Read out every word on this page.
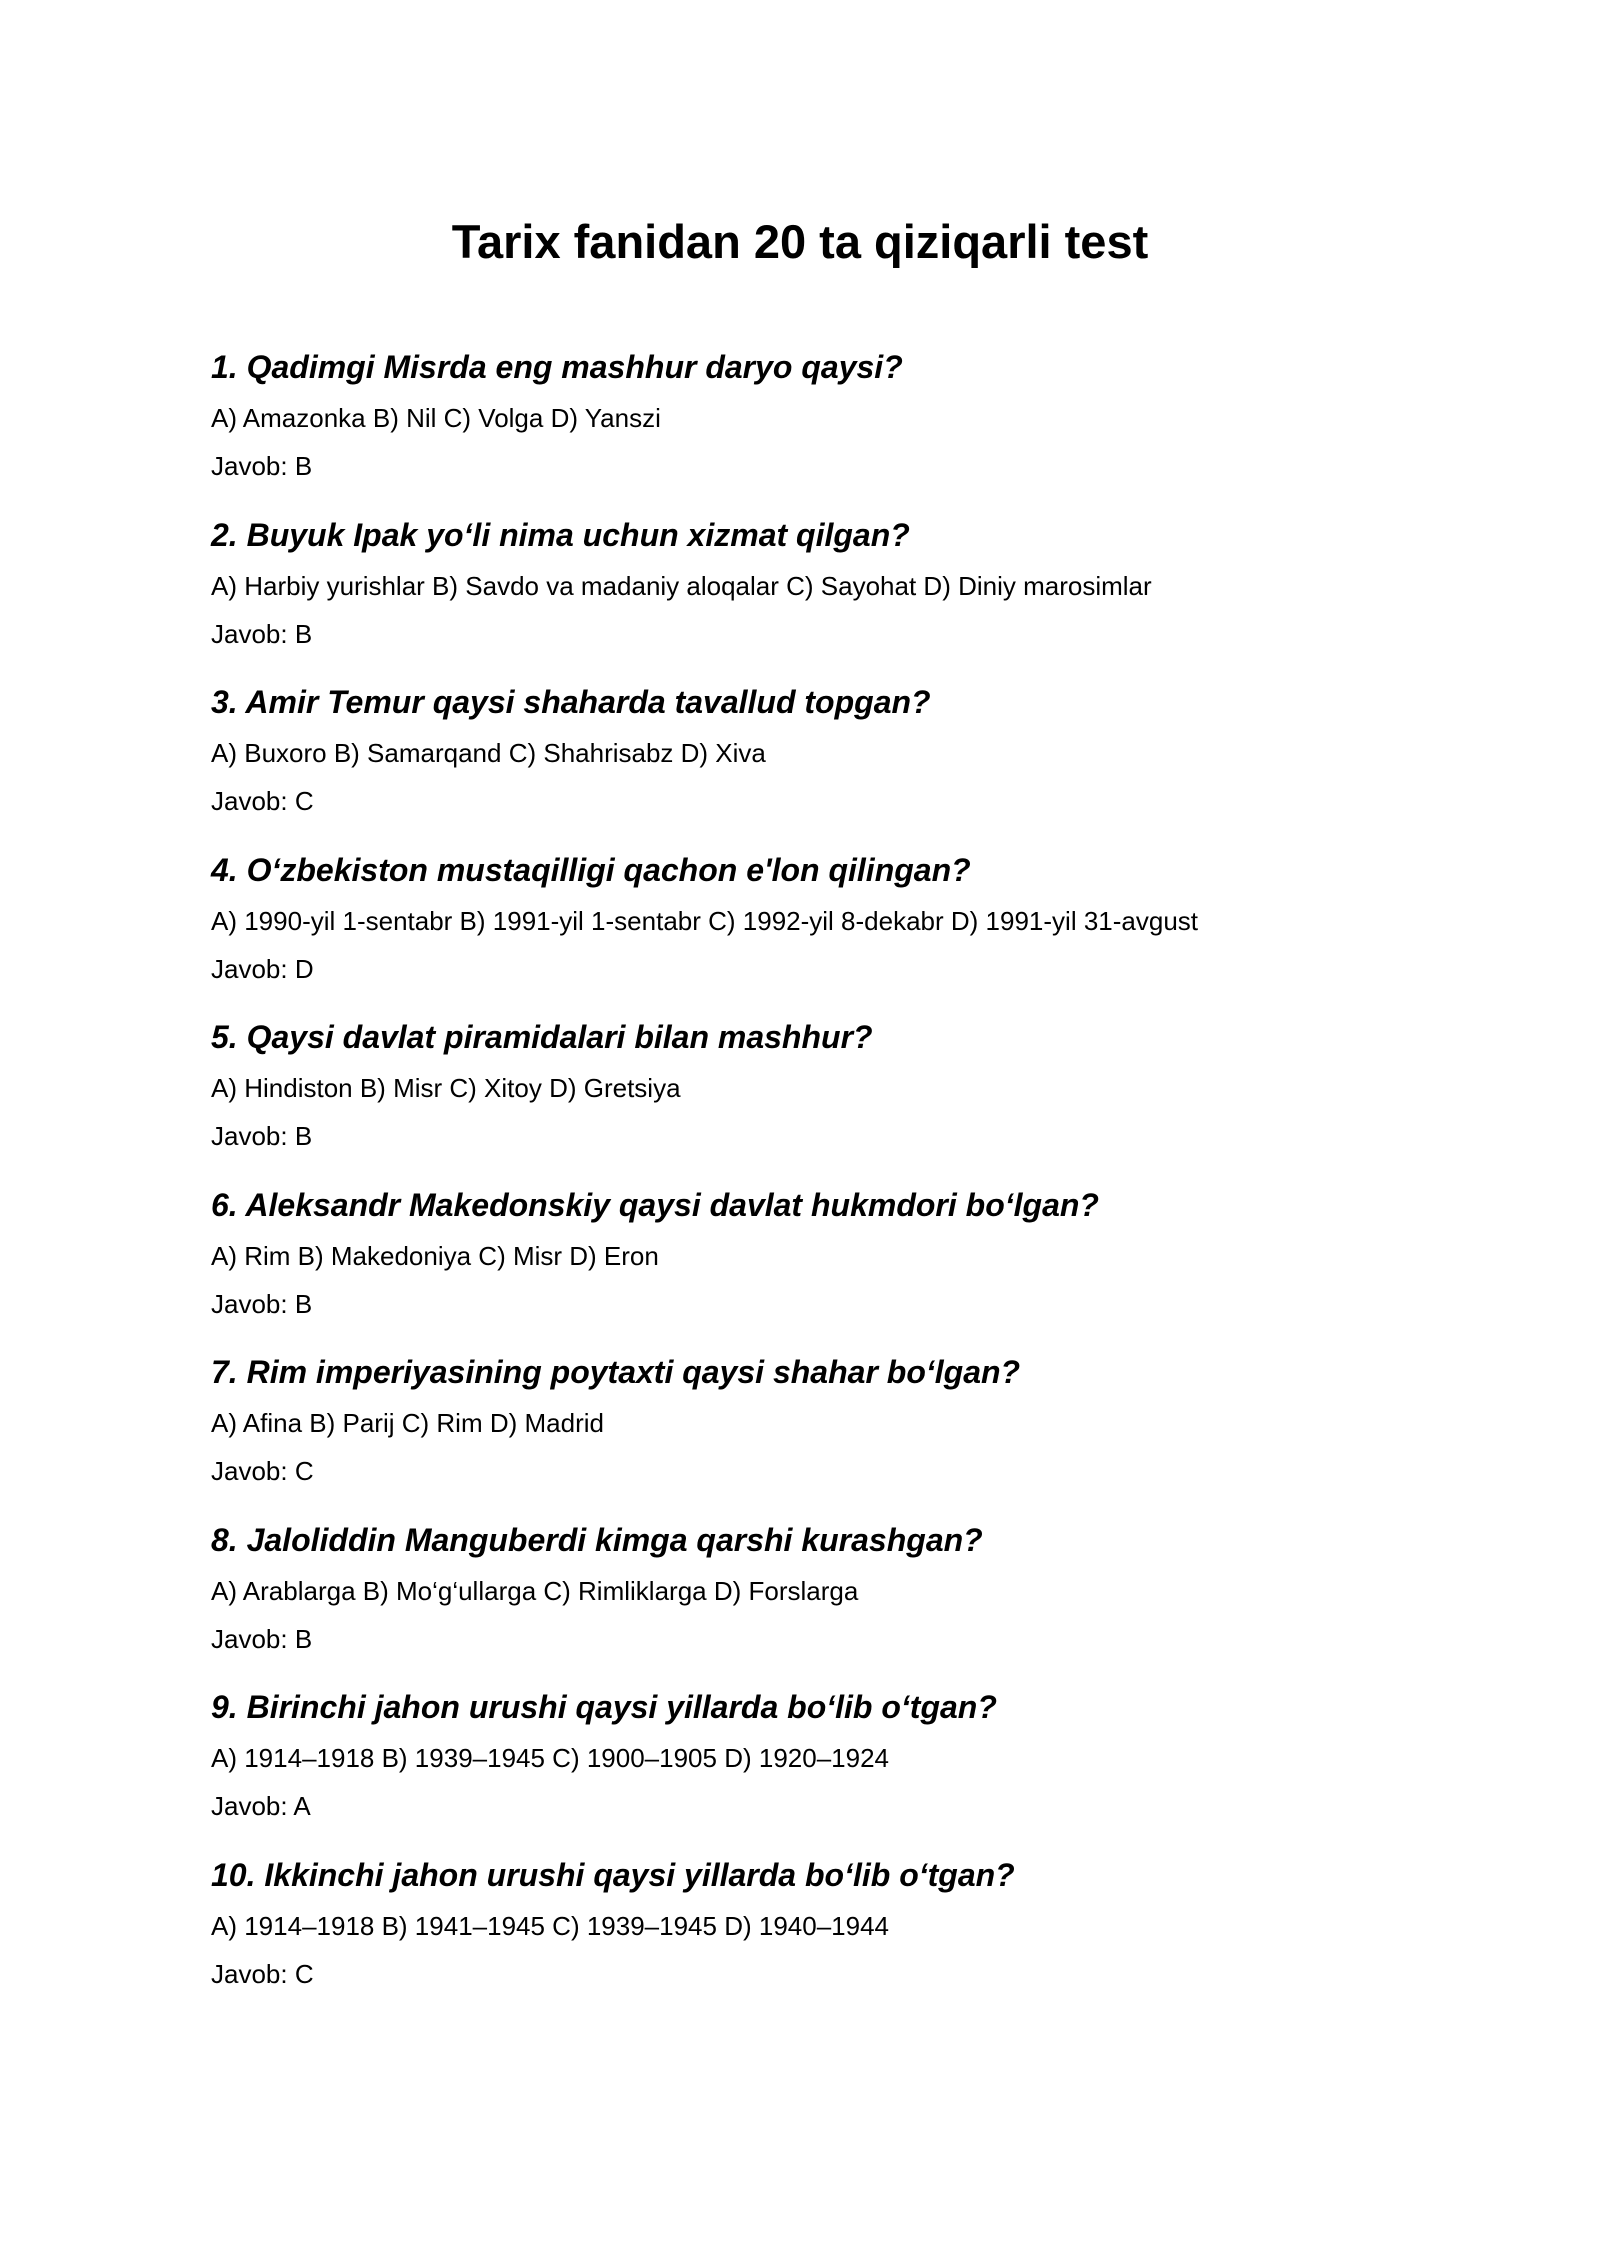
Tarix fanidan 20 ta qiziqarli test

1. Qadimgi Misrda eng mashhur daryo qaysi?

A) Amazonka B) Nil C) Volga D) Yanszi

Javob: B

2. Buyuk Ipak yo‘li nima uchun xizmat qilgan?

A) Harbiy yurishlar B) Savdo va madaniy aloqalar C) Sayohat D) Diniy marosimlar

Javob: B

3. Amir Temur qaysi shaharda tavallud topgan?

A) Buxoro B) Samarqand C) Shahrisabz D) Xiva

Javob: C

4. O‘zbekiston mustaqilligi qachon e'lon qilingan?

A) 1990-yil 1-sentabr B) 1991-yil 1-sentabr C) 1992-yil 8-dekabr D) 1991-yil 31-avgust

Javob: D

5. Qaysi davlat piramidalari bilan mashhur?

A) Hindiston B) Misr C) Xitoy D) Gretsiya

Javob: B

6. Aleksandr Makedonskiy qaysi davlat hukmdori bo‘lgan?

A) Rim B) Makedoniya C) Misr D) Eron

Javob: B

7. Rim imperiyasining poytaxti qaysi shahar bo‘lgan?

A) Afina B) Parij C) Rim D) Madrid

Javob: C

8. Jaloliddin Manguberdi kimga qarshi kurashgan?

A) Arablarga B) Mo‘g‘ullarga C) Rimliklarga D) Forslarga

Javob: B

9. Birinchi jahon urushi qaysi yillarda bo‘lib o‘tgan?

A) 1914–1918 B) 1939–1945 C) 1900–1905 D) 1920–1924

Javob: A

10. Ikkinchi jahon urushi qaysi yillarda bo‘lib o‘tgan?

A) 1914–1918 B) 1941–1945 C) 1939–1945 D) 1940–1944

Javob: C
